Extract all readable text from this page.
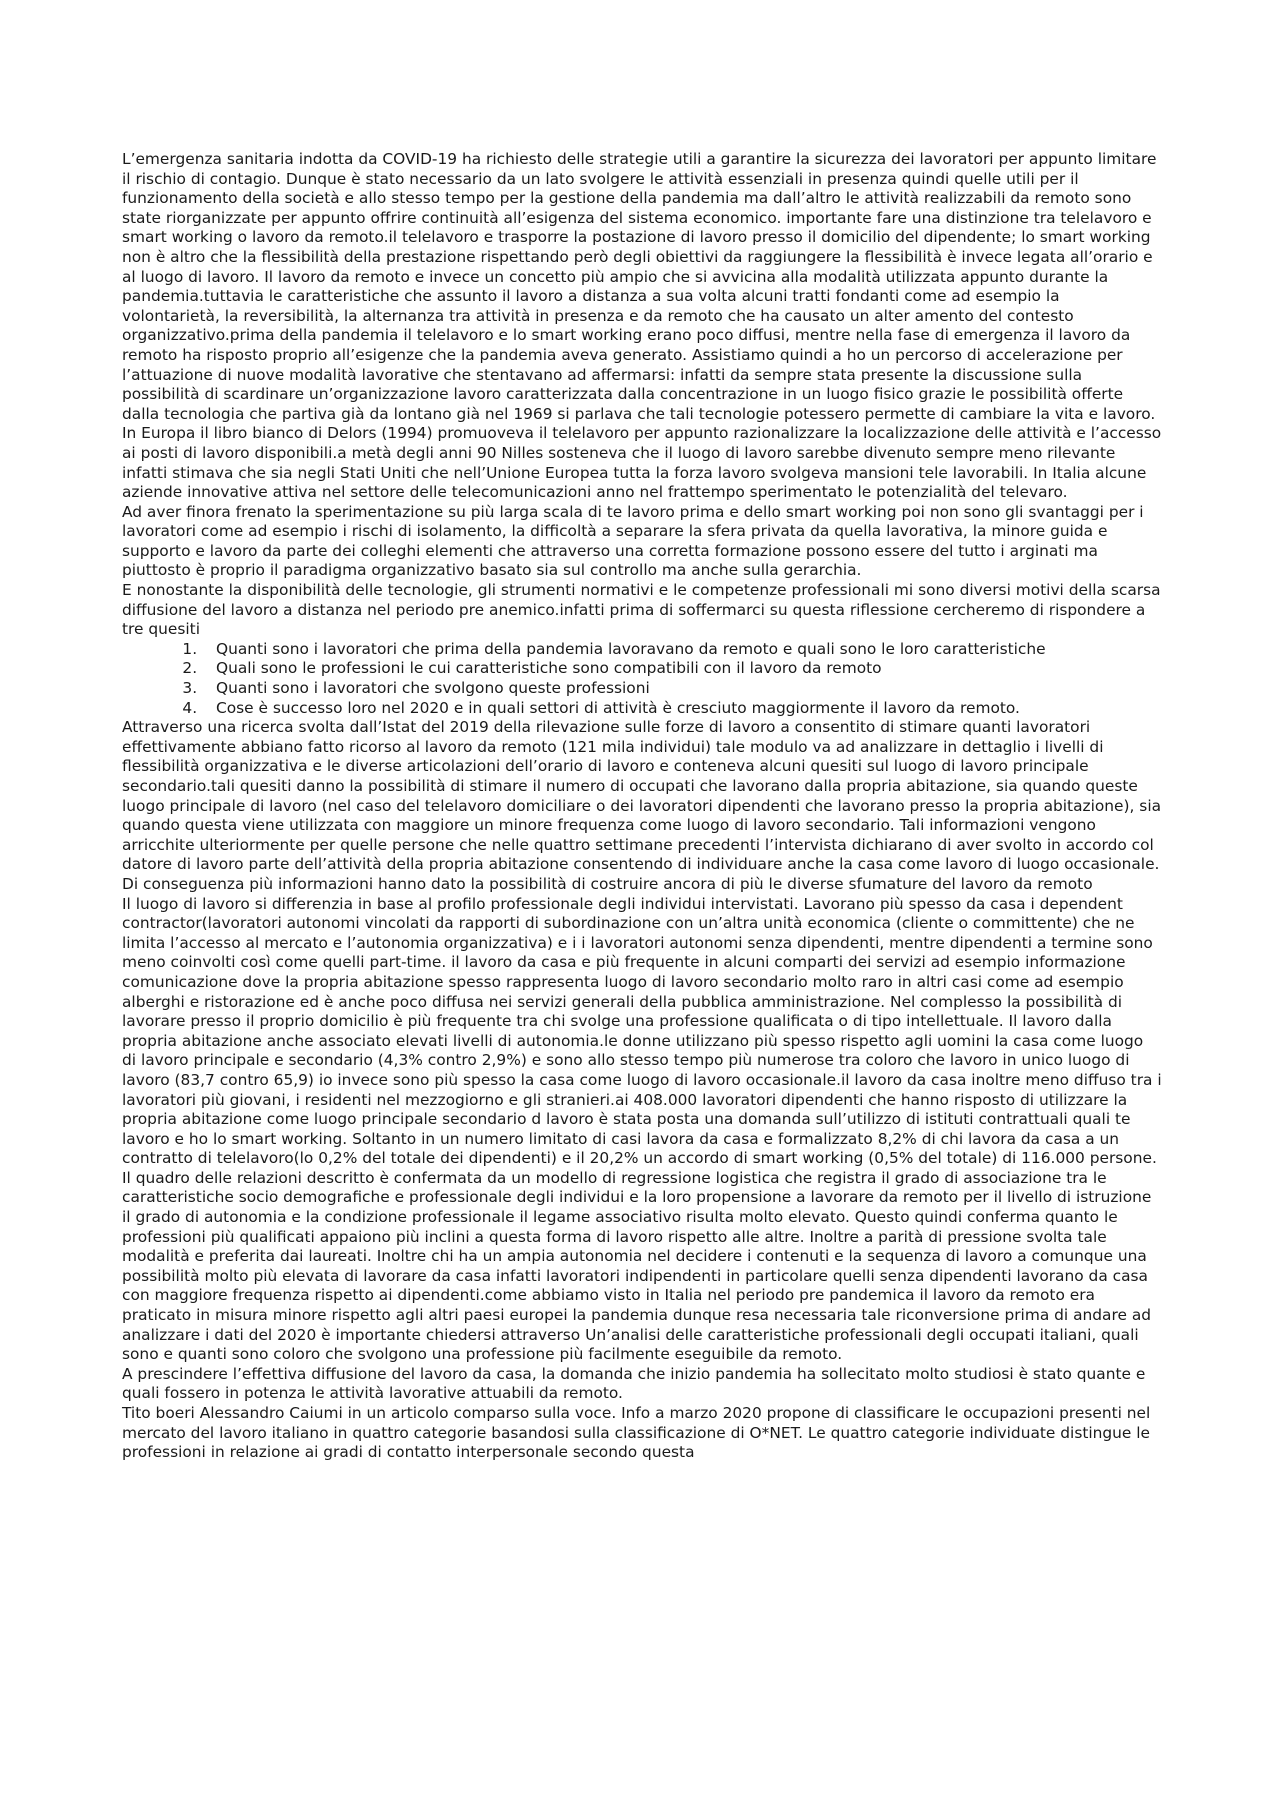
L’emergenza sanitaria indotta da COVID-19 ha richiesto delle strategie utili a garantire la sicurezza dei lavoratori per appunto limitare il rischio di contagio. Dunque è stato necessario da un lato svolgere le attività essenziali in presenza quindi quelle utili per il funzionamento della società e allo stesso tempo per la gestione della pandemia ma dall’altro le attività realizzabili da remoto sono state riorganizzate per appunto offrire continuità all’esigenza del sistema economico. importante fare una distinzione tra telelavoro e smart working o lavoro da remoto.il telelavoro e trasporre la postazione di lavoro presso il domicilio del dipendente; lo smart working non è altro che la flessibilità della prestazione rispettando però degli obiettivi da raggiungere la flessibilità è invece legata all’orario e al luogo di lavoro. Il lavoro da remoto e invece un concetto più ampio che si avvicina alla modalità utilizzata appunto durante la pandemia.tuttavia le caratteristiche che assunto il lavoro a distanza a sua volta alcuni tratti fondanti come ad esempio la volontarietà, la reversibilità, la alternanza tra attività in presenza e da remoto che ha causato un alter amento del contesto organizzativo.prima della pandemia il telelavoro e lo smart working erano poco diffusi, mentre nella fase di emergenza il lavoro da remoto ha risposto proprio all’esigenze che la pandemia aveva generato. Assistiamo quindi a ho un percorso di accelerazione per l’attuazione di nuove modalità lavorative che stentavano ad affermarsi: infatti da sempre stata presente la discussione sulla possibilità di scardinare un’organizzazione lavoro caratterizzata dalla concentrazione in un luogo fisico grazie le possibilità offerte dalla tecnologia che partiva già da lontano già nel 1969 si parlava che tali tecnologie potessero permette di cambiare la vita e lavoro. In Europa il libro bianco di Delors (1994) promuoveva il telelavoro per appunto razionalizzare la localizzazione delle attività e l’accesso ai posti di lavoro disponibili.a metà degli anni 90 Nilles sosteneva che il luogo di lavoro sarebbe divenuto sempre meno rilevante infatti stimava che sia negli Stati Uniti che nell’Unione Europea tutta la forza lavoro svolgeva mansioni tele lavorabili. In Italia alcune aziende innovative attiva nel settore delle telecomunicazioni anno nel frattempo sperimentato le potenzialità del televaro.

Ad aver finora frenato la sperimentazione su più larga scala di te lavoro prima e dello smart working poi non sono gli svantaggi per i lavoratori come ad esempio i rischi di isolamento, la difficoltà a separare la sfera privata da quella lavorativa, la minore guida e supporto e lavoro da parte dei colleghi elementi che attraverso una corretta formazione possono essere del tutto i arginati ma piuttosto è proprio il paradigma organizzativo basato sia sul controllo ma anche sulla gerarchia.

E nonostante la disponibilità delle tecnologie, gli strumenti normativi e le competenze professionali mi sono diversi motivi della scarsa diffusione del lavoro a distanza nel periodo pre anemico.infatti prima di soffermarci su questa riflessione cercheremo di rispondere a tre quesiti

1. Quanti sono i lavoratori che prima della pandemia lavoravano da remoto e quali sono le loro caratteristiche
2. Quali sono le professioni le cui caratteristiche sono compatibili con il lavoro da remoto
3. Quanti sono i lavoratori che svolgono queste professioni
4. Cose è successo loro nel 2020 e in quali settori di attività è cresciuto maggiormente il lavoro da remoto.

Attraverso una ricerca svolta dall’Istat del 2019 della rilevazione sulle forze di lavoro a consentito di stimare quanti lavoratori effettivamente abbiano fatto ricorso al lavoro da remoto (121 mila individui) tale modulo va ad analizzare in dettaglio i livelli di flessibilità organizzativa e le diverse articolazioni dell’orario di lavoro e conteneva alcuni quesiti sul luogo di lavoro principale secondario.tali quesiti danno la possibilità di stimare il numero di occupati che lavorano dalla propria abitazione, sia quando queste luogo principale di lavoro (nel caso del telelavoro domiciliare o dei lavoratori dipendenti che lavorano presso la propria abitazione), sia quando questa viene utilizzata con maggiore un minore frequenza come luogo di lavoro secondario. Tali informazioni vengono arricchite ulteriormente per quelle persone che nelle quattro settimane precedenti l’intervista dichiarano di aver svolto in accordo col datore di lavoro parte dell’attività della propria abitazione consentendo di individuare anche la casa come lavoro di luogo occasionale. Di conseguenza più informazioni hanno dato la possibilità di costruire ancora di più le diverse sfumature del lavoro da remoto

Il luogo di lavoro si differenzia in base al profilo professionale degli individui intervistati. Lavorano più spesso da casa i dependent contractor(lavoratori autonomi vincolati da rapporti di subordinazione con un’altra unità economica (cliente o committente) che ne limita l’accesso al mercato e l’autonomia organizzativa) e i i lavoratori autonomi senza dipendenti, mentre dipendenti a termine sono meno coinvolti così come quelli part-time. il lavoro da casa e più frequente in alcuni comparti dei servizi ad esempio informazione comunicazione dove la propria abitazione spesso rappresenta luogo di lavoro secondario molto raro in altri casi come ad esempio alberghi e ristorazione ed è anche poco diffusa nei servizi generali della pubblica amministrazione. Nel complesso la possibilità di lavorare presso il proprio domicilio è più frequente tra chi svolge una professione qualificata o di tipo intellettuale. Il lavoro dalla propria abitazione anche associato elevati livelli di autonomia.le donne utilizzano più spesso rispetto agli uomini la casa come luogo di lavoro principale e secondario (4,3% contro 2,9%) e sono allo stesso tempo più numerose tra coloro che lavoro in unico luogo di lavoro (83,7 contro 65,9) io invece sono più spesso la casa come luogo di lavoro occasionale.il lavoro da casa inoltre meno diffuso tra i lavoratori più giovani, i residenti nel mezzogiorno e gli stranieri.ai 408.000 lavoratori dipendenti che hanno risposto di utilizzare la propria abitazione come luogo principale secondario d lavoro è stata posta una domanda sull’utilizzo di istituti contrattuali quali te lavoro e ho lo smart working. Soltanto in un numero limitato di casi lavora da casa e formalizzato 8,2% di chi lavora da casa a un contratto di telelavoro(lo 0,2% del totale dei dipendenti) e il 20,2% un accordo di smart working (0,5% del totale) di 116.000 persone. Il quadro delle relazioni descritto è confermata da un modello di regressione logistica che registra il grado di associazione tra le caratteristiche socio demografiche e professionale degli individui e la loro propensione a lavorare da remoto per il livello di istruzione il grado di autonomia e la condizione professionale il legame associativo risulta molto elevato. Questo quindi conferma quanto le professioni più qualificati appaiono più inclini a questa forma di lavoro rispetto alle altre. Inoltre a parità di pressione svolta tale modalità e preferita dai laureati. Inoltre chi ha un ampia autonomia nel decidere i contenuti e la sequenza di lavoro a comunque una possibilità molto più elevata di lavorare da casa infatti lavoratori indipendenti in particolare quelli senza dipendenti lavorano da casa con maggiore frequenza rispetto ai dipendenti.come abbiamo visto in Italia nel periodo pre pandemica il lavoro da remoto era praticato in misura minore rispetto agli altri paesi europei la pandemia dunque resa necessaria tale riconversione prima di andare ad analizzare i dati del 2020 è importante chiedersi attraverso Un’analisi delle caratteristiche professionali degli occupati italiani, quali sono e quanti sono coloro che svolgono una professione più facilmente eseguibile da remoto.

A prescindere l’effettiva diffusione del lavoro da casa, la domanda che inizio pandemia ha sollecitato molto studiosi è stato quante e quali fossero in potenza le attività lavorative attuabili da remoto.

Tito boeri Alessandro Caiumi in un articolo comparso sulla voce. Info a marzo 2020 propone di classificare le occupazioni presenti nel mercato del lavoro italiano in quattro categorie basandosi sulla classificazione di O*NET. Le quattro categorie individuate distingue le professioni in relazione ai gradi di contatto interpersonale secondo questa
